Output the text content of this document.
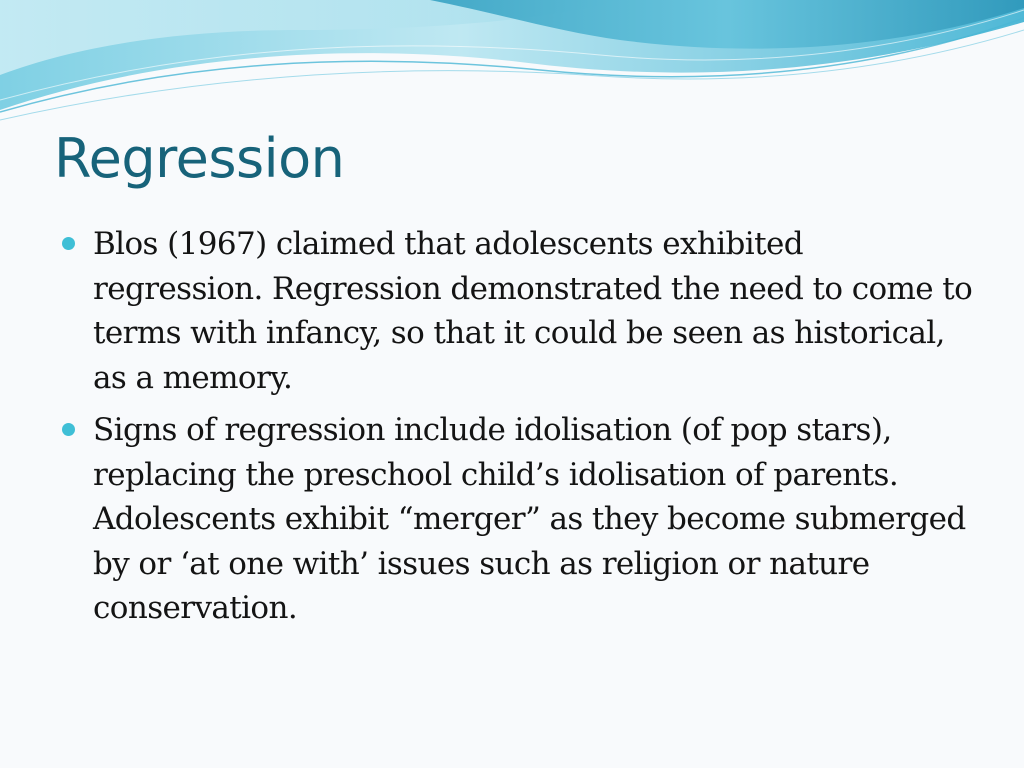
Regression
Blos (1967) claimed that adolescents exhibited regression. Regression demonstrated the need to come to terms with infancy, so that it could be seen as historical, as a memory.
Signs of regression include idolisation (of pop stars), replacing the preschool child’s idolisation of parents. Adolescents exhibit “merger” as they become submerged by or ‘at one with’ issues such as religion or nature conservation.
